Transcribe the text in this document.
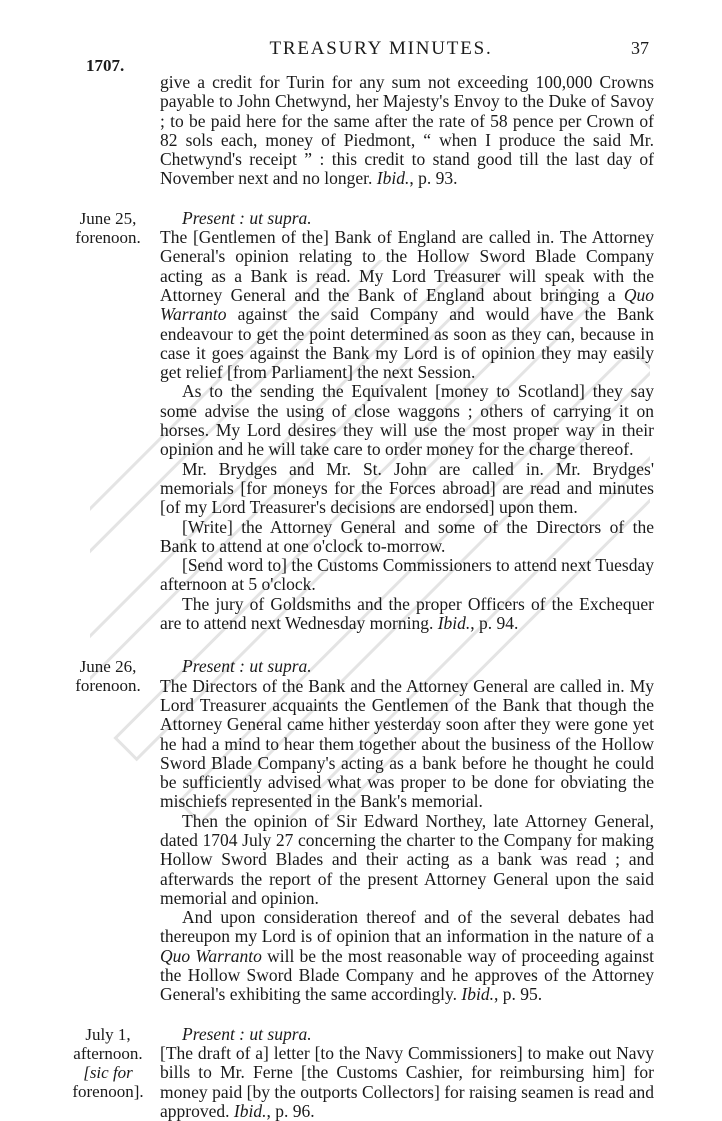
TREASURY MINUTES.	37
1707.

give a credit for Turin for any sum not exceeding 100,000 Crowns payable to John Chetwynd, her Majesty's Envoy to the Duke of Savoy ; to be paid here for the same after the rate of 58 pence per Crown of 82 sols each, money of Piedmont, “ when I produce the said Mr. Chetwynd's receipt ” : this credit to stand good till the last day of November next and no longer. Ibid., p. 93.

June 25,
forenoon.

Present : ut supra.

The [Gentlemen of the] Bank of England are called in. The Attorney General's opinion relating to the Hollow Sword Blade Company acting as a Bank is read. My Lord Treasurer will speak with the Attorney General and the Bank of England about bringing a Quo Warranto against the said Company and would have the Bank endeavour to get the point determined as soon as they can, because in case it goes against the Bank my Lord is of opinion they may easily get relief [from Parliament] the next Session.

As to the sending the Equivalent [money to Scotland] they say some advise the using of close waggons ; others of carrying it on horses. My Lord desires they will use the most proper way in their opinion and he will take care to order money for the charge thereof.

Mr. Brydges and Mr. St. John are called in. Mr. Brydges' memorials [for moneys for the Forces abroad] are read and minutes [of my Lord Treasurer's decisions are endorsed] upon them.

[Write] the Attorney General and some of the Directors of the Bank to attend at one o'clock to-morrow.

[Send word to] the Customs Commissioners to attend next Tuesday afternoon at 5 o'clock.

The jury of Goldsmiths and the proper Officers of the Exchequer are to attend next Wednesday morning. Ibid., p. 94.

June 26,
forenoon.

Present : ut supra.

The Directors of the Bank and the Attorney General are called in. My Lord Treasurer acquaints the Gentlemen of the Bank that though the Attorney General came hither yesterday soon after they were gone yet he had a mind to hear them together about the business of the Hollow Sword Blade Company's acting as a bank before he thought he could be sufficiently advised what was proper to be done for obviating the mischiefs represented in the Bank's memorial.

Then the opinion of Sir Edward Northey, late Attorney General, dated 1704 July 27 concerning the charter to the Company for making Hollow Sword Blades and their acting as a bank was read ; and afterwards the report of the present Attorney General upon the said memorial and opinion.

And upon consideration thereof and of the several debates had thereupon my Lord is of opinion that an information in the nature of a Quo Warranto will be the most reasonable way of proceeding against the Hollow Sword Blade Company and he approves of the Attorney General's exhibiting the same accordingly. Ibid., p. 95.

July 1,
afternoon.
[sic for
forenoon].

Present : ut supra.

[The draft of a] letter [to the Navy Commissioners] to make out Navy bills to Mr. Ferne [the Customs Cashier, for reimbursing him] for money paid [by the outports Collectors] for raising seamen is read and approved. Ibid., p. 96.
